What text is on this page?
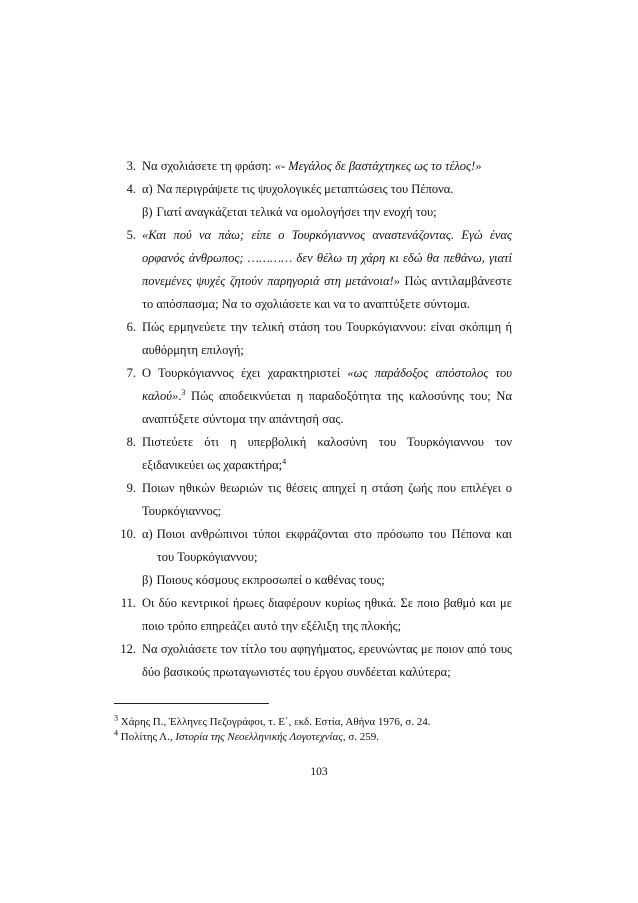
3. Να σχολιάσετε τη φράση: «- Μεγάλος δε βαστάχτηκες ως το τέλος!»
4. α) Να περιγράψετε τις ψυχολογικές μεταπτώσεις του Πέπονα.
β) Γιατί αναγκάζεται τελικά να ομολογήσει την ενοχή του;
5. «Και πού να πάω; είπε ο Τουρκόγιαννος αναστενάζοντας. Εγώ ένας ορφανός άνθρωπος; ………… δεν θέλω τη χάρη κι εδώ θα πεθάνω, γιατί πονεμένες ψυχές ζητούν παρηγοριά στη μετάνοια!» Πώς αντιλαμβάνεστε το απόσπασμα; Να το σχολιάσετε και να το αναπτύξετε σύντομα.
6. Πώς ερμηνεύετε την τελική στάση του Τουρκόγιαννου: είναι σκόπιμη ή αυθόρμητη επιλογή;
7. Ο Τουρκόγιαννος έχει χαρακτηριστεί «ως παράδοξος απόστολος του καλού».$^3$ Πώς αποδεικνύεται η παραδοξότητα της καλοσύνης του; Να αναπτύξετε σύντομα την απάντησή σας.
8. Πιστεύετε ότι η υπερβολική καλοσύνη του Τουρκόγιαννου τον εξιδανικεύει ως χαρακτήρα;$^4$
9. Ποιων ηθικών θεωριών τις θέσεις απηχεί η στάση ζωής που επιλέγει ο Τουρκόγιαννος;
10. α) Ποιοι ανθρώπινοι τύποι εκφράζονται στο πρόσωπο του Πέπονα και του Τουρκόγιαννου;
β) Ποιους κόσμους εκπροσωπεί ο καθένας τους;
11. Οι δύο κεντρικοί ήρωες διαφέρουν κυρίως ηθικά. Σε ποιο βαθμό και με ποιο τρόπο επηρεάζει αυτό την εξέλιξη της πλοκής;
12. Να σχολιάσετε τον τίτλο του αφηγήματος, ερευνώντας με ποιον από τους δύο βασικούς πρωταγωνιστές του έργου συνδέεται καλύτερα;
$^3$ Χάρης Π., Έλληνες Πεζογράφοι, τ. Ε΄, εκδ. Εστία, Αθήνα 1976, σ. 24.
$^4$ Πολίτης Λ., Ιστορία της Νεοελληνικής Λογοτεχνίας, σ. 259.
103
